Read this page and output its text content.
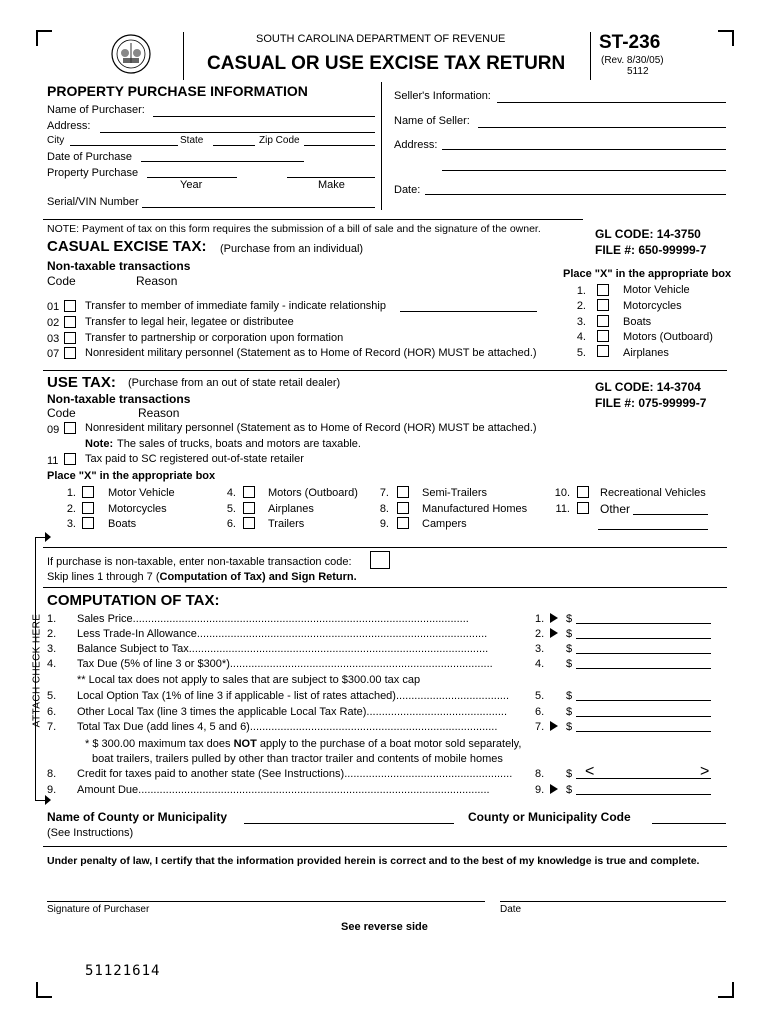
SOUTH CAROLINA DEPARTMENT OF REVENUE
CASUAL OR USE EXCISE TAX RETURN
ST-236
(Rev. 8/30/05)
5112
PROPERTY PURCHASE INFORMATION
Name of Purchaser:
Address:
City	State	Zip Code
Date of Purchase
Property Purchase
Year	Make
Serial/VIN Number
Seller's Information:
Name of Seller:
Address:
Date:
NOTE: Payment of tax on this form requires the submission of a bill of sale and the signature of the owner.	GL CODE: 14-3750
FILE #: 650-99999-7
CASUAL EXCISE TAX: (Purchase from an individual)
Non-taxable transactions
Code	Reason
01 Transfer to member of immediate family - indicate relationship
02 Transfer to legal heir, legatee or distributee
03 Transfer to partnership or corporation upon formation
07 Nonresident military personnel (Statement as to Home of Record (HOR) MUST be attached.)
Place "X" in the appropriate box
1.	Motor Vehicle
2.	Motorcycles
3.	Boats
4.	Motors (Outboard)
5.	Airplanes
USE TAX: (Purchase from an out of state retail dealer)	GL CODE: 14-3704
FILE #: 075-99999-7
Non-taxable transactions
Code	Reason
09 Nonresident military personnel (Statement as to Home of Record (HOR) MUST be attached.)
Note: The sales of trucks, boats and motors are taxable.
11 Tax paid to SC registered out-of-state retailer
Place "X" in the appropriate box
1.	Motor Vehicle
2.	Motorcycles
3.	Boats
4.	Motors (Outboard)
5.	Airplanes
6.	Trailers
7.	Semi-Trailers
8.	Manufactured Homes
9.	Campers
10.	Recreational Vehicles
11.	Other
ATTACH CHECK HERE
If purchase is non-taxable, enter non-taxable transaction code:
Skip lines 1 through 7 (Computation of Tax) and Sign Return.
COMPUTATION OF TAX:
1. Sales Price..............................................................................................................	1. $
2. Less Trade-In Allowance...............................................................................................	2. $
3. Balance Subject to Tax..................................................................................................	3. $
4. Tax Due (5% of line 3 or $300*)......................................................................................	4. $
** Local tax does not apply to sales that are subject to $300.00 tax cap
5. Local Option Tax (1% of line 3 if applicable - list of rates attached).....................................	5. $
6. Other Local Tax (line 3 times the applicable Local Tax Rate)..............................................	6. $
7. Total Tax Due (add lines 4, 5 and 6).................................................................................	7. $
* $ 300.00 maximum tax does NOT apply to the purchase of a boat motor sold separately,
boat trailers, trailers pulled by other than tractor trailer and contents of mobile homes
8. Credit for taxes paid to another state (See Instructions).......................................................	8. $ <	>
9. Amount Due...................................................................................................................	9. $
Name of County or Municipality
(See Instructions)
County or Municipality Code
Under penalty of law, I certify that the information provided herein is correct and to the best of my knowledge is true and complete.
Signature of Purchaser	Date
See reverse side
51121614
